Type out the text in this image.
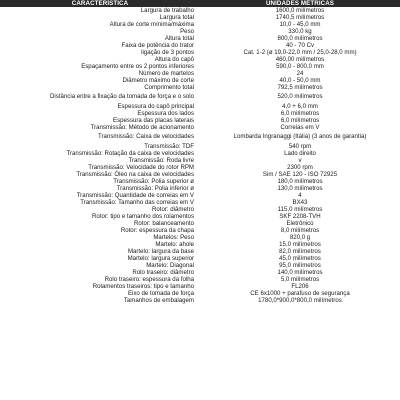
CARACTERÍSTICA	UNIDADES MÉTRICAS
Largura de trabalho	1600,0 milímetros
Largura total	1740,5 milímetros
Altura de corte mínima/máxima	10,0 - 45,0 mm
Peso	330,0 kg
Altura total	800,0 milímetros
Faixa de potência do trator	40 - 70 Cv
ligação de 3 pontos	Cat. 1-2 (ø 19,0-22,0 mm / 25,0-28,0 mm)
Altura do capô	460,00 milímetros
Espaçamento entre os 2 pontos inferiores	590,0 - 800,0 mm
Número de martelos	24
Diâmetro máximo de corte	40,0 - 50,0 mm
Comprimento total	792,5 milímetros
Distância entre a fixação da tomada de força e o solo	520,0 milímetros
Espessura do capô principal	4,0 + 6,0 mm
Espessura dos lados	6,0 milímetros
Espessura das placas laterais	6,0 milímetros
Transmissão: Método de acionamento	Correias em V
Transmissão: Caixa de velocidades	Lombarda Ingranaggi (Itália) (3 anos de garantia)
Transmissão: TDF	540 rpm
Transmissão: Rotação da caixa de velocidades	Lado direito
Transmissão: Roda livre	v
Transmissão: Velocidade do rotor RPM	2300 rpm
Transmissão: Óleo na caixa de velocidades	Sim / SAE 120 - ISO 72925
Transmissão: Polia superior ø	180,0 milímetros
Transmissão: Polia inferior ø	130,0 milímetros
Transmissão: Quantidade de correias em V	4
Transmissão: Tamanho das correias em V	BX43
Rotor: diâmetro	115,0 milímetros
Rotor: tipo e tamanho dos rolamentos	SKF 2208-TVH
Rotor: balanceamento	Eletrônico
Rotor: espessura da chapa	8,0 milímetros
Martelos: Peso	820,0 g
Martelo: ahole	15,0 milímetros
Martelo: largura da base	82,0 milímetros
Martelo: largura superior	45,0 milímetros
Martelo: Diagonal	95,0 milímetros
Rolo traseiro: diâmetro	140,0 milímetros
Rolo traseiro: espessura da folha	5,0 milímetros
Rolamentos traseiros: tipo e tamanho	FL206
Eixo de tomada de força	CE 6x1000 + parafuso de segurança
Tamanhos de embalagem	1780,0*900,0*800,0 milímetros
